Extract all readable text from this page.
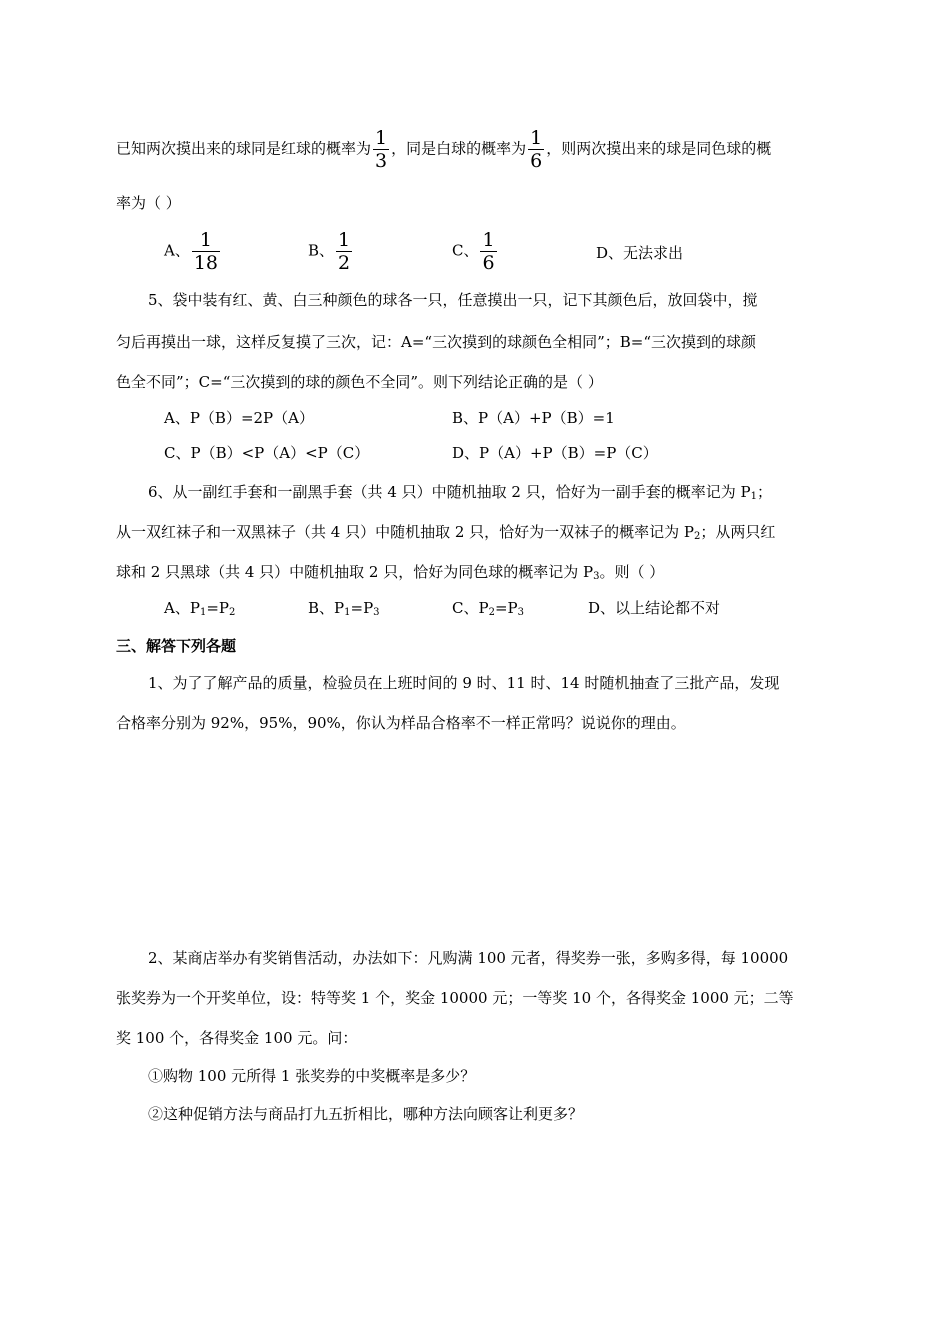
已知两次摸出来的球同是红球的概率为 $\frac{1}{3}$ ，同是白球的概率为 $\frac{1}{6}$ ，则两次摸出来的球是同色球的概
率为（ ）
A、 $\frac{1}{18}$	B、 $\frac{1}{2}$	C、 $\frac{1}{6}$	D、无法求出
5、袋中装有红、黄、白三种颜色的球各一只，任意摸出一只，记下其颜色后，放回袋中，搅
匀后再摸出一球，这样反复摸了三次，记：A=“三次摸到的球颜色全相同”；B=“三次摸到的球颜
色全不同”；C=“三次摸到的球的颜色不全同”。则下列结论正确的是（ ）
A、P（B）=2P（A）	B、P（A）+P（B）=1
C、P（B）<P（A）<P（C）	D、P（A）+P（B）=P（C）
6、从一副红手套和一副黑手套（共 4 只）中随机抽取 2 只，恰好为一副手套的概率记为 $P_1$；
从一双红袜子和一双黑袜子（共 4 只）中随机抽取 2 只，恰好为一双袜子的概率记为 $P_2$；从两只红
球和 2 只黑球（共 4 只）中随机抽取 2 只，恰好为同色球的概率记为 $P_3$。则（ ）
A、$P_1=P_2$	B、$P_1=P_3$	C、$P_2=P_3$	D、以上结论都不对
三、解答下列各题
1、为了了解产品的质量，检验员在上班时间的 9 时、11 时、14 时随机抽查了三批产品，发现
合格率分别为 92%，95%，90%，你认为样品合格率不一样正常吗？说说你的理由。
2、某商店举办有奖销售活动，办法如下：凡购满 100 元者，得奖券一张，多购多得，每 10000
张奖券为一个开奖单位，设：特等奖 1 个，奖金 10000 元；一等奖 10 个，各得奖金 1000 元；二等
奖 100 个，各得奖金 100 元。问：
①购物 100 元所得 1 张奖券的中奖概率是多少？
②这种促销方法与商品打九五折相比，哪种方法向顾客让利更多？
